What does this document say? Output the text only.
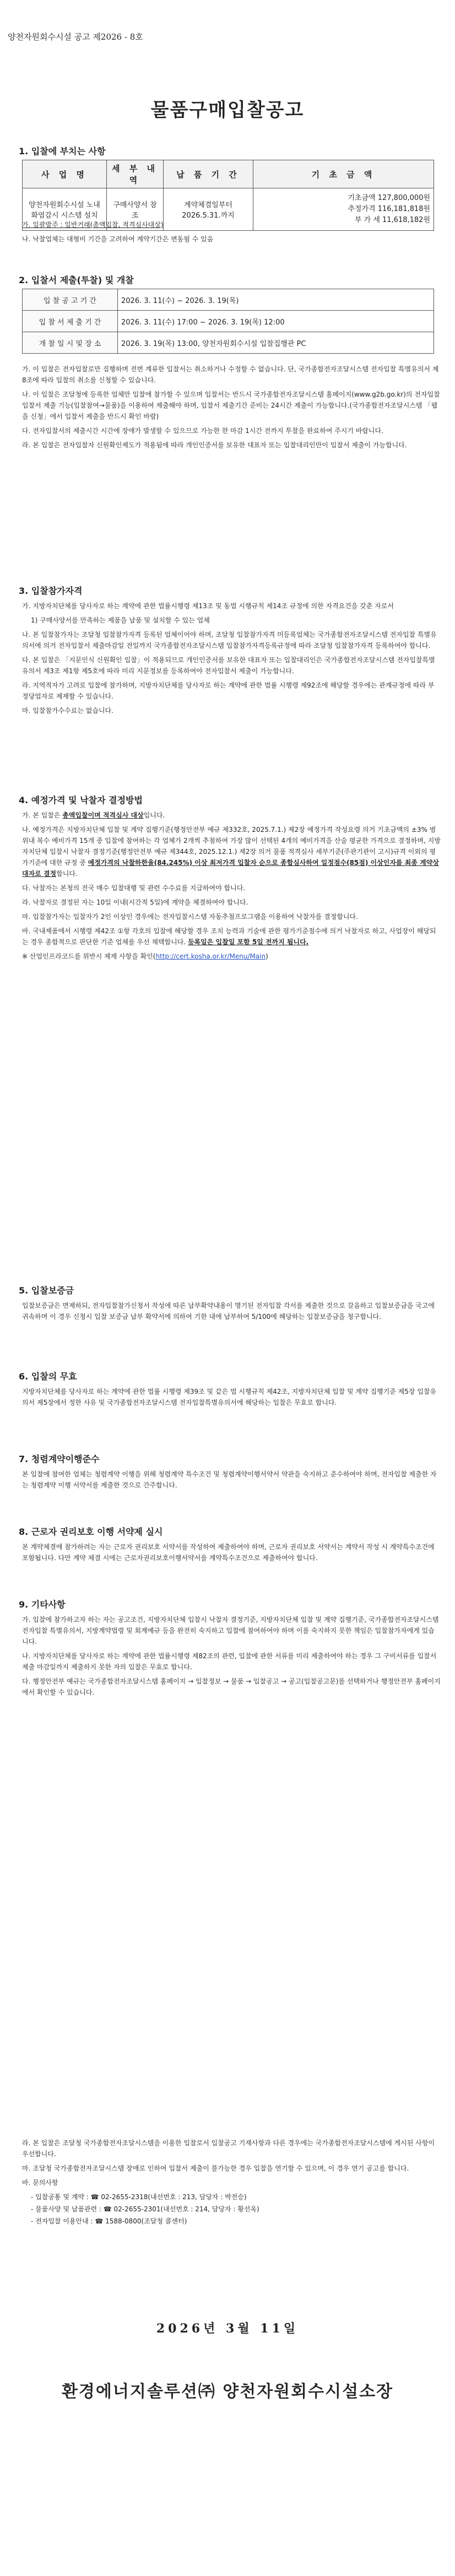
양천자원회수시설 공고 제2026 - 8호
물품구매입찰공고
1. 입찰에 부치는 사항
사 업 명	세 부 내 역	납 품 기 간	기 초 금 액
양천자원회수시설 노내화염감시 시스템 설치	구매사양서 참조	계약체결일부터 2026.5.31.까지	기초금액 127,800,000원
추정가격 116,181,818원
부 가 세 11,618,182원

가. 일괄발주 : 일반거래(총액입찰, 적격심사대상)

나. 낙찰업체는 대형비 기간을 고려하여 계약기간은 변동될 수 있음

2. 입찰서 제출(투찰) 및 개찰
입 찰 공 고 기 간	2026. 3. 11(수) ~ 2026. 3. 19(목)
입 찰 서 제 출 기 간	2026. 3. 11(수) 17:00 ~ 2026. 3. 19(목) 12:00
개 찰 일 시 및 장 소	2026. 3. 19(목) 13:00, 양천자원회수시설 입찰집행관 PC

가. 이 입찰은 전자입찰로만 집행하며 전번 계류한 입찰서는 취소하거나 수정할 수 없습니다. 단, 국가종합전자조달시스템 전자입찰 특별유의서 제8조에 따라 입찰의 취소를 신청할 수 있습니다.

나. 이 입찰은 조달청에 등록한 업체만 입찰에 참가할 수 있으며 입찰서는 반드시 국가종합전자조달시스템 홈페이지(www.g2b.go.kr)의 전자입찰 입찰서 제출 기능(입찰참여→물품)을 이용하여 제출해야 하며, 입찰서 제출기간 준비는 24시간 제출이 가능합니다.(국가종합전자조달시스템 「웹을 신청」에서 입찰서 제출을 반드시 확인 바람)

다. 전자입찰서의 제출시간 시간에 장애가 발생할 수 있으므로 가능한 한 마감 1시간 전까지 투찰을 완료하여 주시기 바랍니다.

라. 본 입찰은 전자입찰자 신원확인제도가 적용됨에 따라 개인인증서를 보유한 대표자 또는 입찰대리인만이 입찰서 제출이 가능합니다.

3. 입찰참가자격

가. 지방자치단체를 당사자로 하는 계약에 관한 법률시행령 제13조 및 동법 시행규칙 제14조 규정에 의한 자격요건을 갖춘 자로서

1) 구매사양서를 만족하는 제품을 납품 및 설치할 수 있는 업체

나. 본 입찰참가자는 조달청 입찰참가자격 등록된 업체이어야 하며, 조달청 입찰참가자격 미등록업체는 국가종합전자조달시스템 전자입찰 특별유의서에 의거 전자입찰서 제출마감일 전일까지 국가종합전자조달시스템 입찰참가자격등록규정에 따라 조달청 입찰참가자격 등록하여야 합니다.

다. 본 입찰은 「지문인식 신원확인 입찰」이 적용되므로 개인인증서를 보유한 대표자 또는 입찰대리인은 국가종합전자조달시스템 전자입찰특별유의서 제3조 제1항 제5호에 따라 미리 지문정보를 등록하여야 전자입찰서 제출이 가능합니다.

라. 지역적자가 고려로 입찰에 참가하며, 지방자치단체를 당사자로 하는 계약에 관한 법률 시행령 제92조에 해당할 경우에는 관계규정에 따라 부정당업자로 제재할 수 있습니다.

마. 입찰참가수수료는 없습니다.

4. 예정가격 및 낙찰자 결정방법

가. 본 입찰은 총액입찰이며 적격심사 대상입니다.

나. 예정가격은 지방자치단체 입찰 및 계약 집행기준(행정안전부 예규 제332호, 2025.7.1.) 제2장 예정가격 작성요령 의거 기초금액의 ±3% 범위내 복수 예비가격 15개 중 입찰에 참여하는 각 업체가 2개씩 추첨하여 가장 많이 선택된 4개의 예비가격을 산술 평균한 가격으로 결정하며, 지방자치단체 입찰시 낙찰자 결정기준(행정안전부 예규 제344호, 2025.12.1.) 제2장 의거 물품 적격심사 세부기준(주관기관이 고시)규격 이외의 평가기준에 대한 규정 중 예정가격의 낙찰하한율(84.245%) 이상 최저가격 입찰자 순으로 종합심사하여 일정점수(85점) 이상인자를 최종 계약상대자로 결정합니다.

다. 낙찰자는 본청의 전국 매수 입찰대행 및 관련 수수료를 지급하여야 합니다.

라. 낙찰자로 결정된 자는 10일 이내(시간적 5일)에 계약을 체결하여야 합니다.

마. 입찰참가자는 입찰자가 2인 이상인 경우에는 전자입찰시스템 자동추첨프로그램을 이용하여 낙찰자를 결정합니다.

바. 국내제품에서 시행령 제42조 ①항 각호의 입찰에 해당할 경우 조치 능력과 기술에 관한 평가기준점수에 의거 낙찰자로 하고, 사업장이 해당되는 경우 종합적으로 판단한 기준 업체를 우선 채택합니다. 등록일은 입찰일 포함 5일 전까지 됩니다.

※ 산업인프라코드를 위반시 제재 사항을 확인(http://cert.kosha.or.kr/Menu/Main)

5. 입찰보증금

입찰보증금은 면제하되, 전자입찰참가신청서 작성에 따른 납부확약내용이 명기된 전자입찰 각서를 제출한 것으로 갈음하고 입찰보증금을 국고에 귀속하며 이 경우 신청시 입찰 보증금 납부 확약서에 의하여 기한 내에 납부하여 5/100에 해당하는 입찰보증금을 청구합니다.

6. 입찰의 무효

지방자치단체를 당사자로 하는 계약에 관한 법률 시행령 제39조 및 같은 법 시행규칙 제42조, 지방자치단체 입찰 및 계약 집행기준 제5장 입찰유의서 제5장에서 정한 사유 및 국가종합전자조달시스템 전자입찰특별유의서에 해당하는 입찰은 무효로 합니다.

7. 청렴계약이행준수

본 입찰에 참여한 업체는 청렴계약 이행을 위해 청렴계약 특수조건 및 청렴계약이행서약서 약관을 숙지하고 준수하여야 하며, 전자입찰 제출한 자는 청렴계약 이행 서약서를 제출한 것으로 간주합니다.

8. 근로자 권리보호 이행 서약제 실시

본 계약체결에 참가하려는 자는 근로자 권리보호 서약서를 작성하여 제출하여야 하며, 근로자 권리보호 서약서는 계약서 작성 시 계약특수조건에 포함됩니다. 다만 계약 체결 시에는 근로자권리보호이행서약서를 계약특수조건으로 제출하여야 합니다.

9. 기타사항

가. 입찰에 참가하고자 하는 자는 공고조건, 지방자치단체 입찰시 낙찰자 결정기준, 지방자치단체 입찰 및 계약 집행기준, 국가종합전자조달시스템 전자입찰 특별유의서, 지방계약법령 및 회계예규 등을 완전히 숙지하고 입찰에 참여하여야 하며 이를 숙지하지 못한 책임은 입찰참가자에게 있습니다.

나. 지방자치단체를 당사자로 하는 계약에 관한 법률시행령 제82조의 관련, 입찰에 관한 서류를 미리 제출하여야 하는 경우 그 구비서류를 입찰서 제출 마감일까지 제출하지 못한 자의 입찰은 무효로 합니다.

다. 행정안전부 예규는 국가종합전자조달시스템 홈페이지 → 입찰정보 → 물품 → 입찰공고 → 공고(입찰공고문)를 선택하거나 행정안전부 홈페이지에서 확인할 수 있습니다.

라. 본 입찰은 조달청 국가종합전자조달시스템을 이용한 입찰로서 입찰공고 기재사항과 다른 경우에는 국가종합전자조달시스템에 게시된 사항이 우선합니다.

마. 조달청 국가종합전자조달시스템 장애로 인하여 입찰서 제출이 불가능한 경우 입찰을 연기할 수 있으며, 이 경우 연기 공고를 합니다.

바. 문의사항

- 입찰공통 및 계약 : ☎ 02-2655-2318(내선번호 : 213, 담당자 : 박전승)

- 물품사양 및 납품관련 : ☎ 02-2655-2301(내선번호 : 214, 담당자 : 황선옥)

- 전자입찰 이용안내 : ☎ 1588-0800(조달청 콜센터)

2026년 3월 11일
환경에너지솔루션㈜ 양천자원회수시설소장
